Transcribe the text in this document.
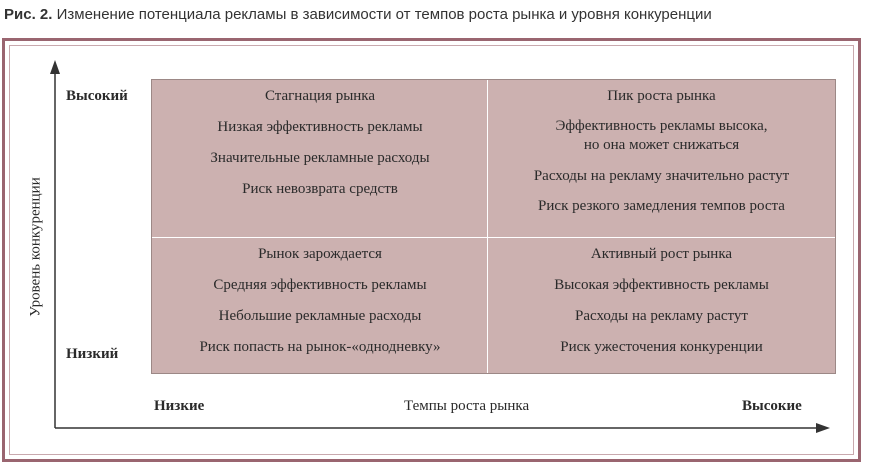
Рис. 2. Изменение потенциала рекламы в зависимости от темпов роста рынка и уровня конкуренции
Уровень конкуренции
Высокий
Низкий
Низкие	Темпы роста рынка	Высокие
Стагнация рынка
Низкая эффективность рекламы
Значительные рекламные расходы
Риск невозврата средств
Пик роста рынка
Эффективность рекламы высока,
но она может снижаться
Расходы на рекламу значительно растут
Риск резкого замедления темпов роста
Рынок зарождается
Средняя эффективность рекламы
Небольшие рекламные расходы
Риск попасть на рынок-«однодневку»
Активный рост рынка
Высокая эффективность рекламы
Расходы на рекламу растут
Риск ужесточения конкуренции
